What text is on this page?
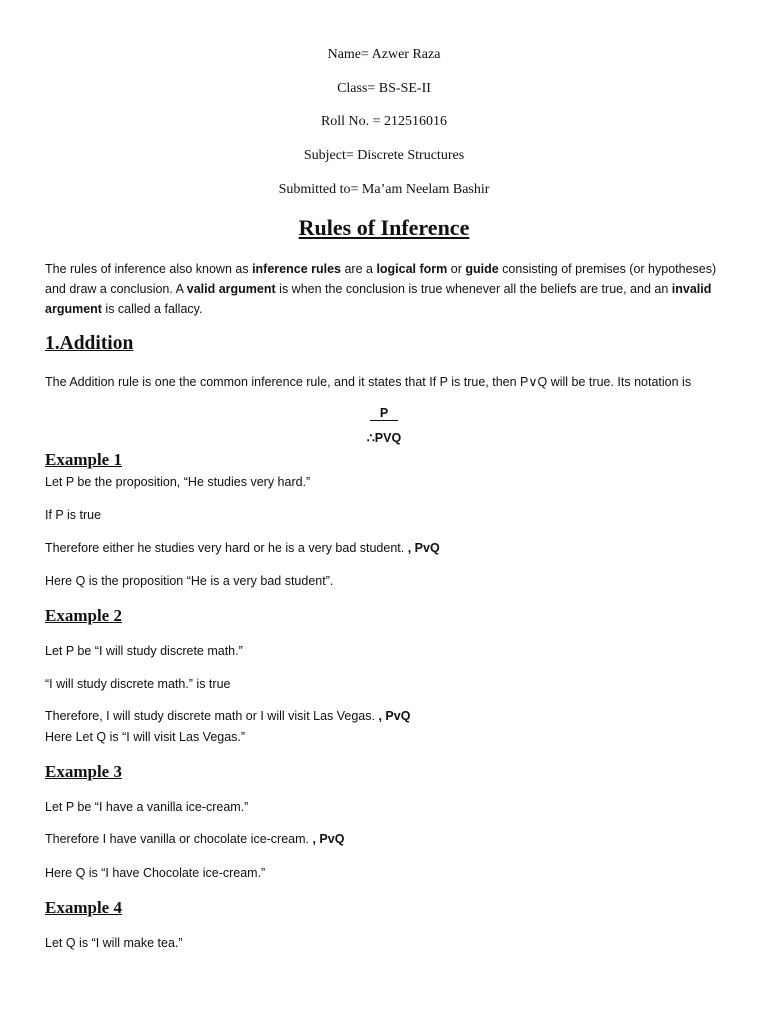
Name= Azwer Raza
Class= BS-SE-II
Roll No. = 212516016
Subject= Discrete Structures
Submitted to= Ma’am Neelam Bashir
Rules of Inference
The rules of inference also known as inference rules are a logical form or guide consisting of premises (or hypotheses) and draw a conclusion. A valid argument is when the conclusion is true whenever all the beliefs are true, and an invalid argument is called a fallacy.
1.Addition
The Addition rule is one the common inference rule, and it states that If P is true, then P∨Q will be true. Its notation is
P
∴PVQ
Example 1
Let P be the proposition, “He studies very hard.”
If P is true
Therefore either he studies very hard or he is a very bad student. , PvQ
Here Q is the proposition “He is a very bad student”.
Example 2
Let P be “I will study discrete math.”
“I will study discrete math.” is true
Therefore, I will study discrete math or I will visit Las Vegas. , PvQ
Here Let Q is “I will visit Las Vegas.”
Example 3
Let P be “I have a vanilla ice-cream.”
Therefore I have vanilla or chocolate ice-cream. , PvQ
Here Q is “I have Chocolate ice-cream.”
Example 4
Let Q is “I will make tea.”
